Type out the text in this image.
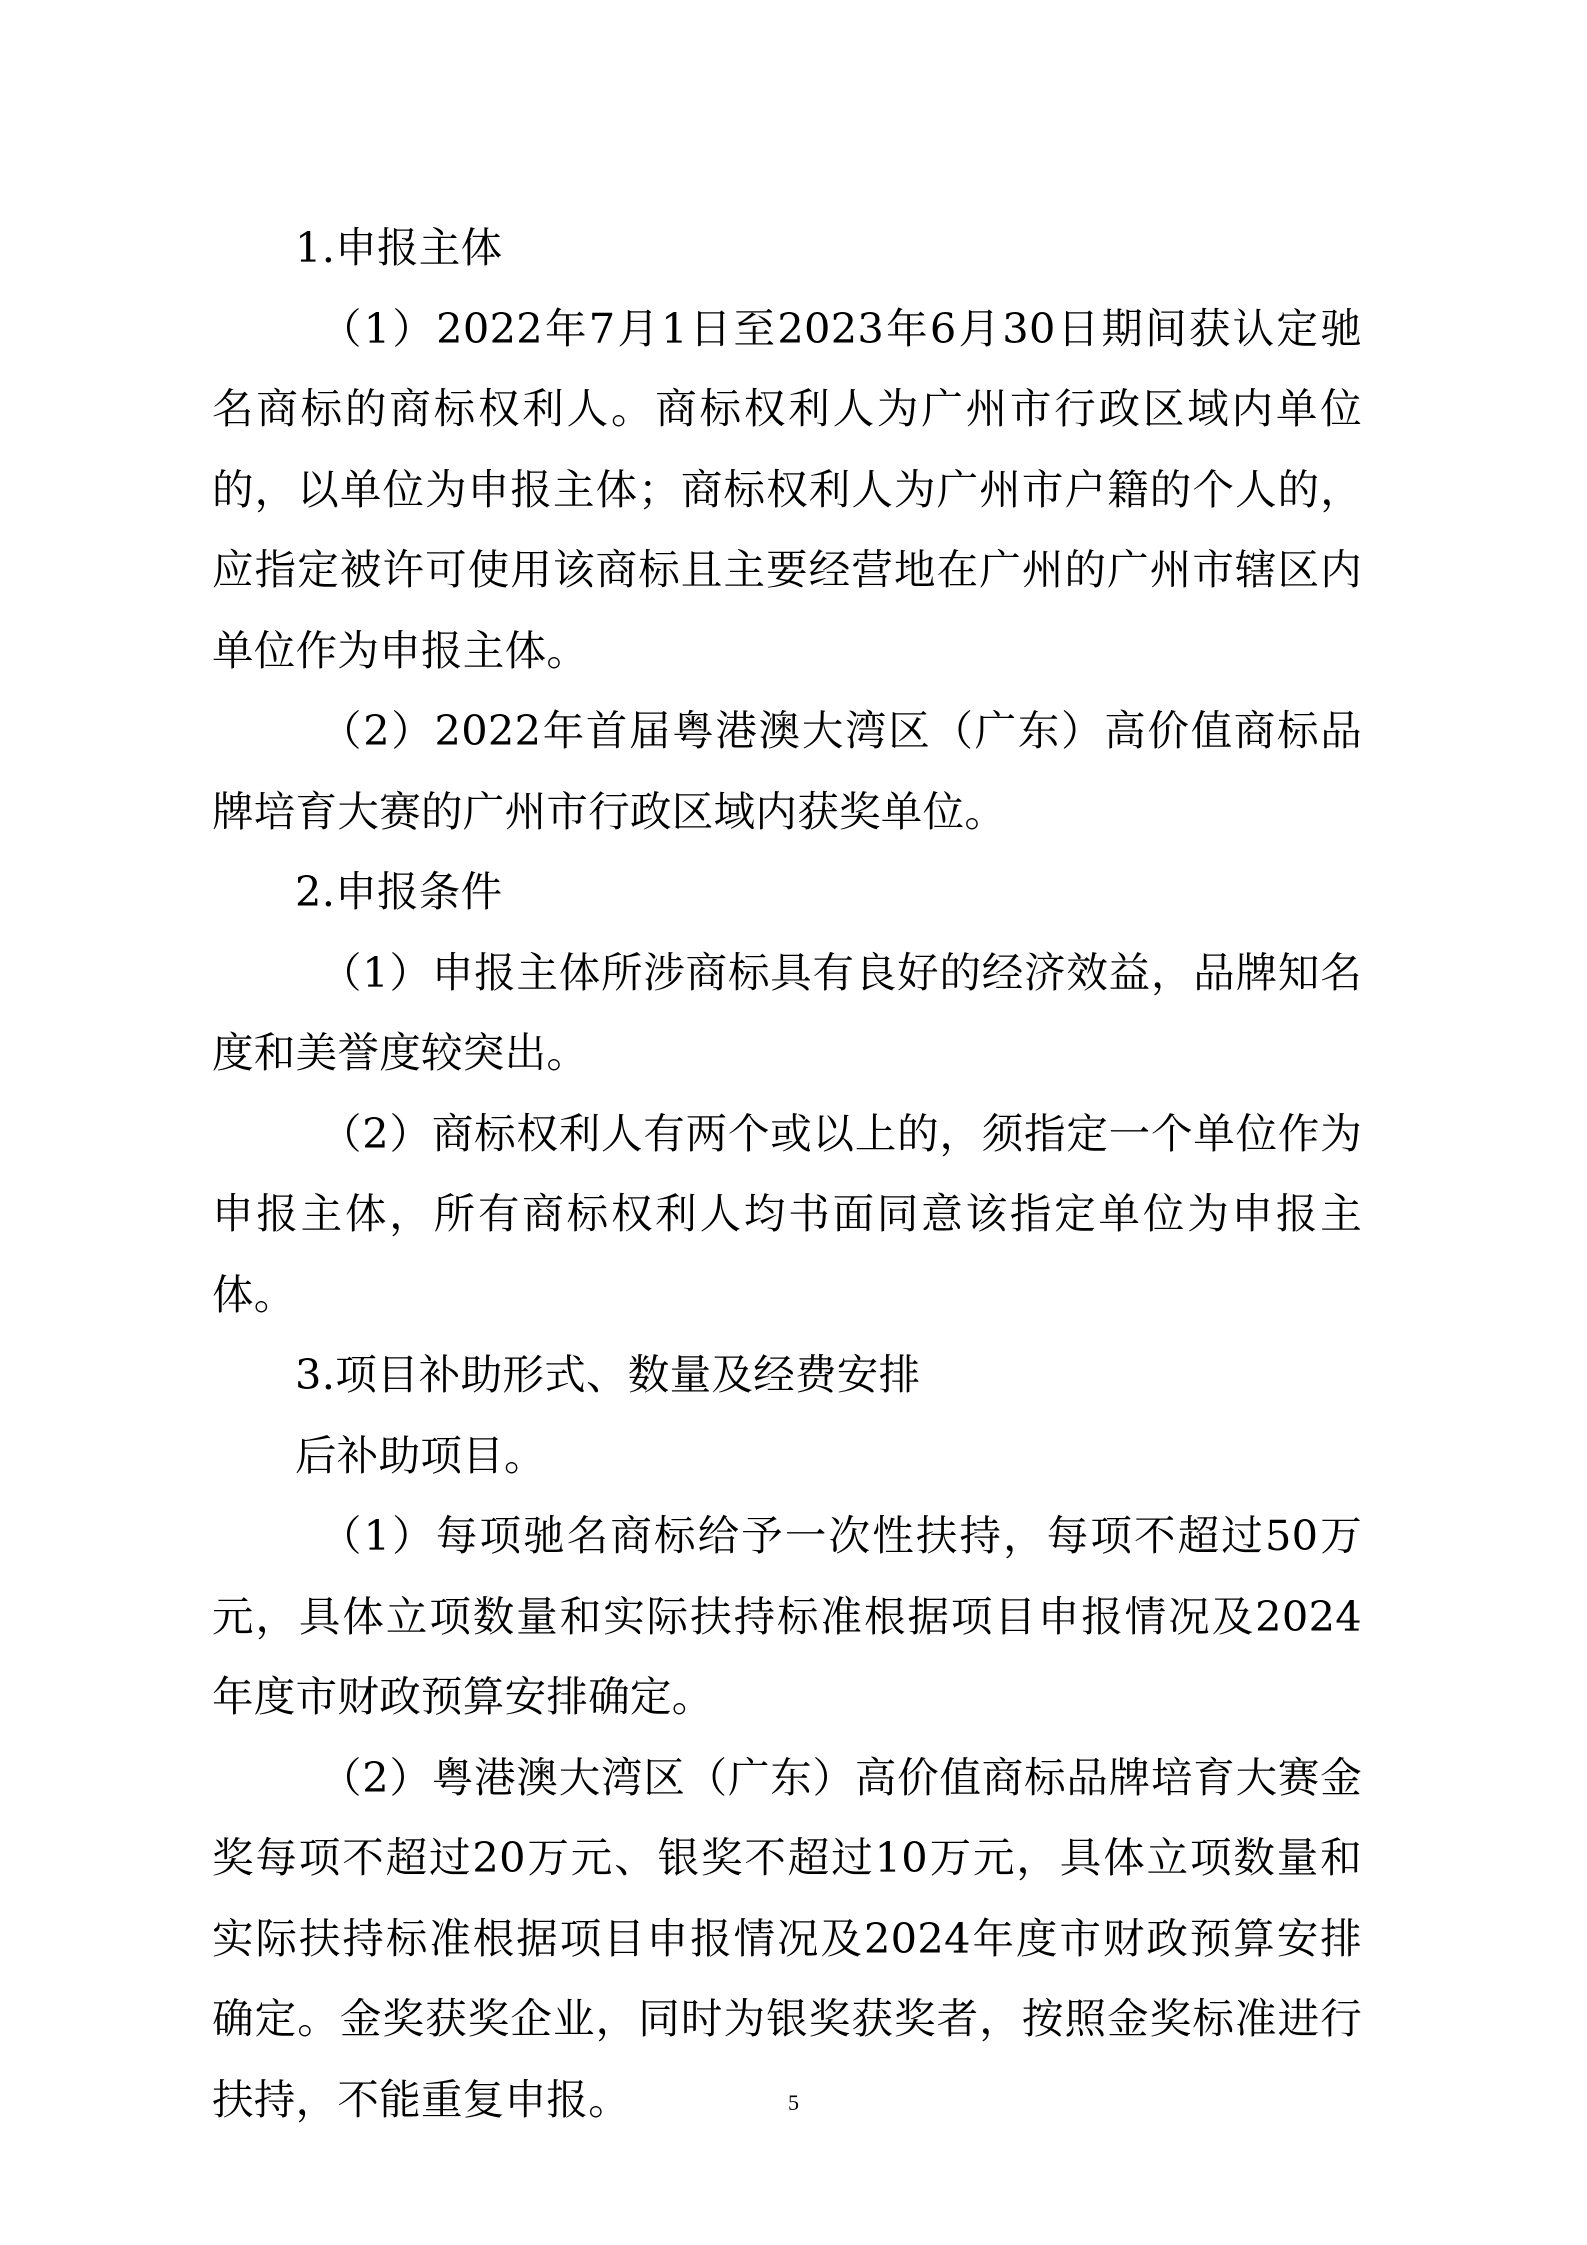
1.申报主体

（1）2022年7月1日至2023年6月30日期间获认定驰名商标的商标权利人。商标权利人为广州市行政区域内单位的，以单位为申报主体；商标权利人为广州市户籍的个人的，应指定被许可使用该商标且主要经营地在广州的广州市辖区内单位作为申报主体。

（2）2022年首届粤港澳大湾区（广东）高价值商标品牌培育大赛的广州市行政区域内获奖单位。

2.申报条件

（1）申报主体所涉商标具有良好的经济效益，品牌知名度和美誉度较突出。

（2）商标权利人有两个或以上的，须指定一个单位作为申报主体，所有商标权利人均书面同意该指定单位为申报主体。

3.项目补助形式、数量及经费安排

后补助项目。

（1）每项驰名商标给予一次性扶持，每项不超过50万元，具体立项数量和实际扶持标准根据项目申报情况及2024年度市财政预算安排确定。

（2）粤港澳大湾区（广东）高价值商标品牌培育大赛金奖每项不超过20万元、银奖不超过10万元，具体立项数量和实际扶持标准根据项目申报情况及2024年度市财政预算安排确定。金奖获奖企业，同时为银奖获奖者，按照金奖标准进行扶持，不能重复申报。	5
